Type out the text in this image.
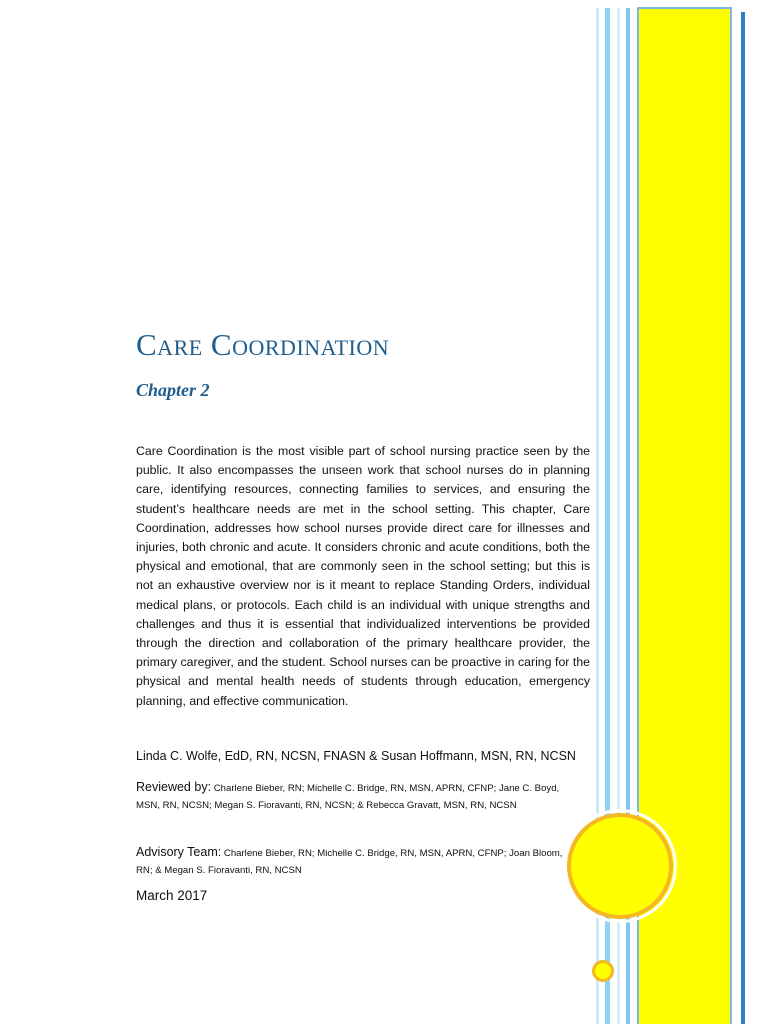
Care Coordination
Chapter 2

Care Coordination is the most visible part of school nursing practice seen by the public. It also encompasses the unseen work that school nurses do in planning care, identifying resources, connecting families to services, and ensuring the student’s healthcare needs are met in the school setting. This chapter, Care Coordination, addresses how school nurses provide direct care for illnesses and injuries, both chronic and acute. It considers chronic and acute conditions, both the physical and emotional, that are commonly seen in the school setting; but this is not an exhaustive overview nor is it meant to replace Standing Orders, individual medical plans, or protocols. Each child is an individual with unique strengths and challenges and thus it is essential that individualized interventions be provided through the direction and collaboration of the primary healthcare provider, the primary caregiver, and the student. School nurses can be proactive in caring for the physical and mental health needs of students through education, emergency planning, and effective communication.

Linda C. Wolfe, EdD, RN, NCSN, FNASN & Susan Hoffmann, MSN, RN, NCSN

Reviewed by: Charlene Bieber, RN; Michelle C. Bridge, RN, MSN, APRN, CFNP; Jane C. Boyd, MSN, RN, NCSN; Megan S. Fioravanti, RN, NCSN; & Rebecca Gravatt, MSN, RN, NCSN

Advisory Team: Charlene Bieber, RN; Michelle C. Bridge, RN, MSN, APRN, CFNP; Joan Bloom, RN; & Megan S. Fioravanti, RN, NCSN

March 2017
